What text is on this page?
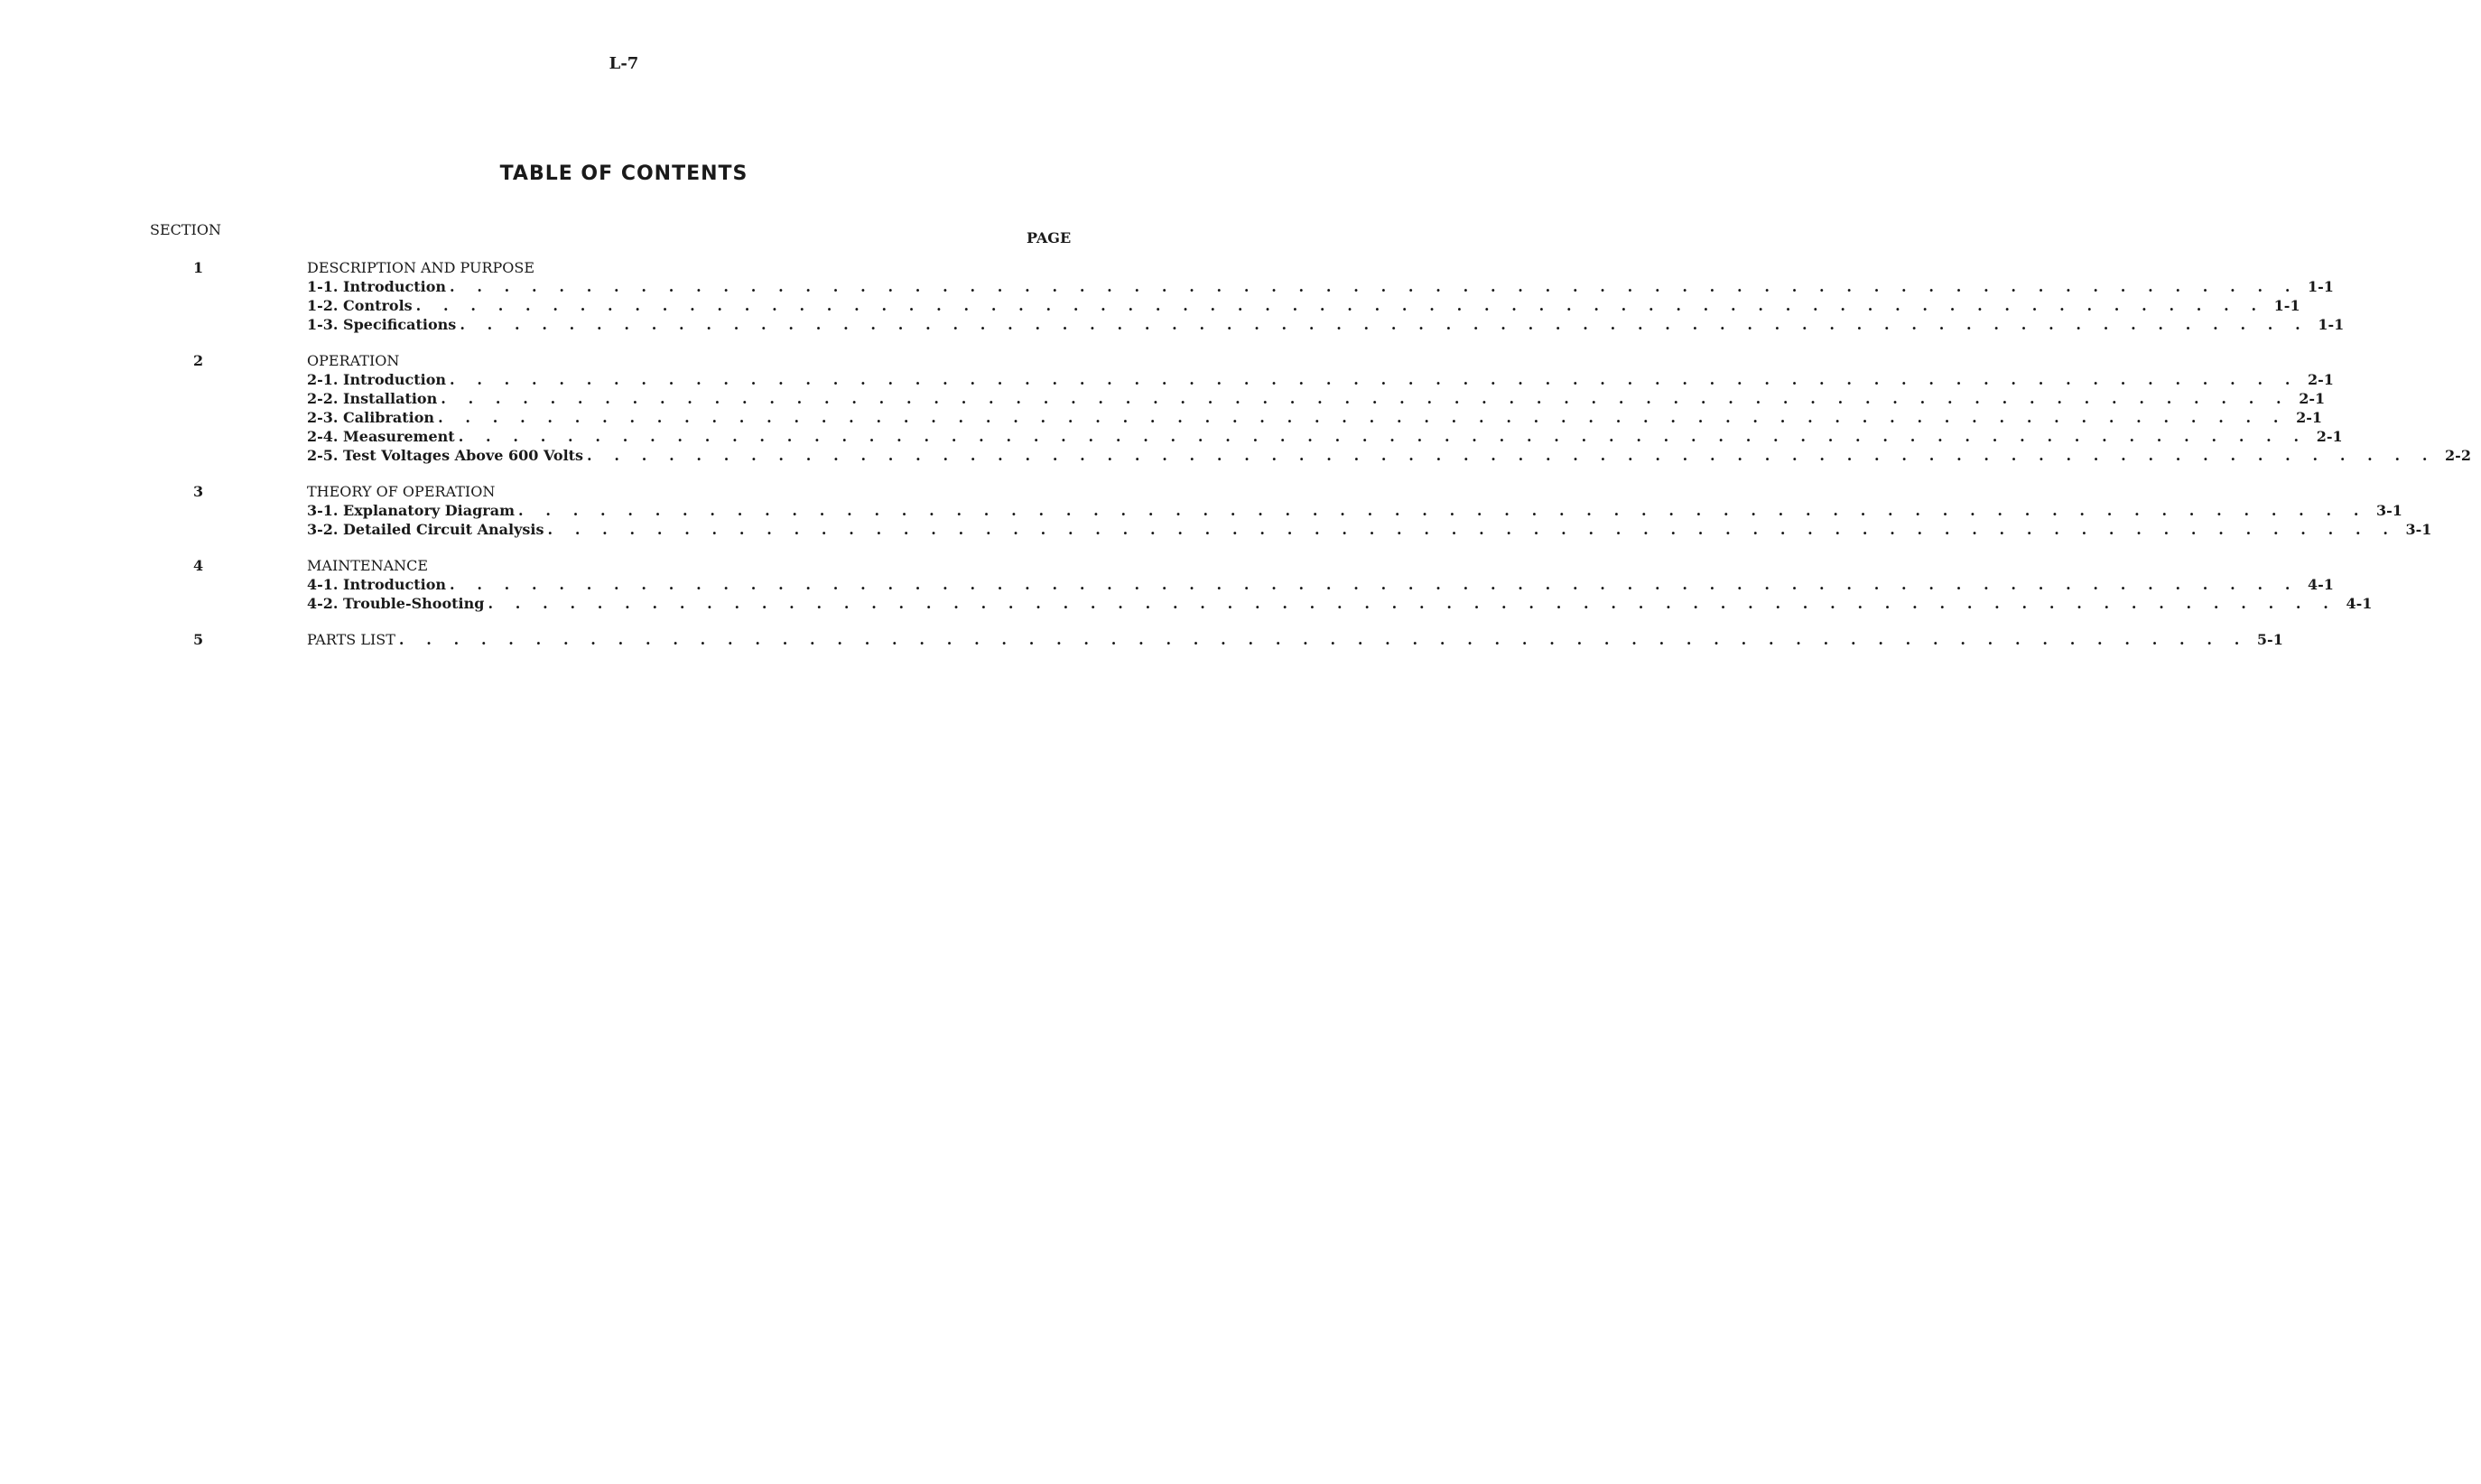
L-7
TABLE OF CONTENTS
SECTION	PAGE
1	DESCRIPTION AND PURPOSE
1-1. Introduction . . . . . . . . . . . . . . . . . . . . . . . . . . . . . . . . . . . . . . . . . . . . . . . . . . . . . . . . . . . . . . . . . . . . 1-1
1-2. Controls . . . . . . . . . . . . . . . . . . . . . . . . . . . . . . . . . . . . . . . . . . . . . . . . . . . . . . . . . . . . . . . . . . . . 1-1
1-3. Specifications . . . . . . . . . . . . . . . . . . . . . . . . . . . . . . . . . . . . . . . . . . . . . . . . . . . . . . . . . . . . . . . . . . . . 1-1
2	OPERATION
2-1. Introduction . . . . . . . . . . . . . . . . . . . . . . . . . . . . . . . . . . . . . . . . . . . . . . . . . . . . . . . . . . . . . . . . . . . . 2-1
2-2. Installation . . . . . . . . . . . . . . . . . . . . . . . . . . . . . . . . . . . . . . . . . . . . . . . . . . . . . . . . . . . . . . . . . . . . 2-1
2-3. Calibration . . . . . . . . . . . . . . . . . . . . . . . . . . . . . . . . . . . . . . . . . . . . . . . . . . . . . . . . . . . . . . . . . . . . 2-1
2-4. Measurement . . . . . . . . . . . . . . . . . . . . . . . . . . . . . . . . . . . . . . . . . . . . . . . . . . . . . . . . . . . . . . . . . . . . 2-1
2-5. Test Voltages Above 600 Volts . . . . . . . . . . . . . . . . . . . . . . . . . . . . . . . . . . . . . . . . . . . . . . . . . . . . . . . . . . . . . . . . . . . . 2-2
3	THEORY OF OPERATION
3-1. Explanatory Diagram . . . . . . . . . . . . . . . . . . . . . . . . . . . . . . . . . . . . . . . . . . . . . . . . . . . . . . . . . . . . . . . . . . . . 3-1
3-2. Detailed Circuit Analysis . . . . . . . . . . . . . . . . . . . . . . . . . . . . . . . . . . . . . . . . . . . . . . . . . . . . . . . . . . . . . . . . . . . . 3-1
4	MAINTENANCE
4-1. Introduction . . . . . . . . . . . . . . . . . . . . . . . . . . . . . . . . . . . . . . . . . . . . . . . . . . . . . . . . . . . . . . . . . . . . 4-1
4-2. Trouble-Shooting . . . . . . . . . . . . . . . . . . . . . . . . . . . . . . . . . . . . . . . . . . . . . . . . . . . . . . . . . . . . . . . . . . . . 4-1
5	PARTS LIST . . . . . . . . . . . . . . . . . . . . . . . . . . . . . . . . . . . . . . . . . . . . . . . . . . . . . . . . . . . . . . . . . . . . 5-1
